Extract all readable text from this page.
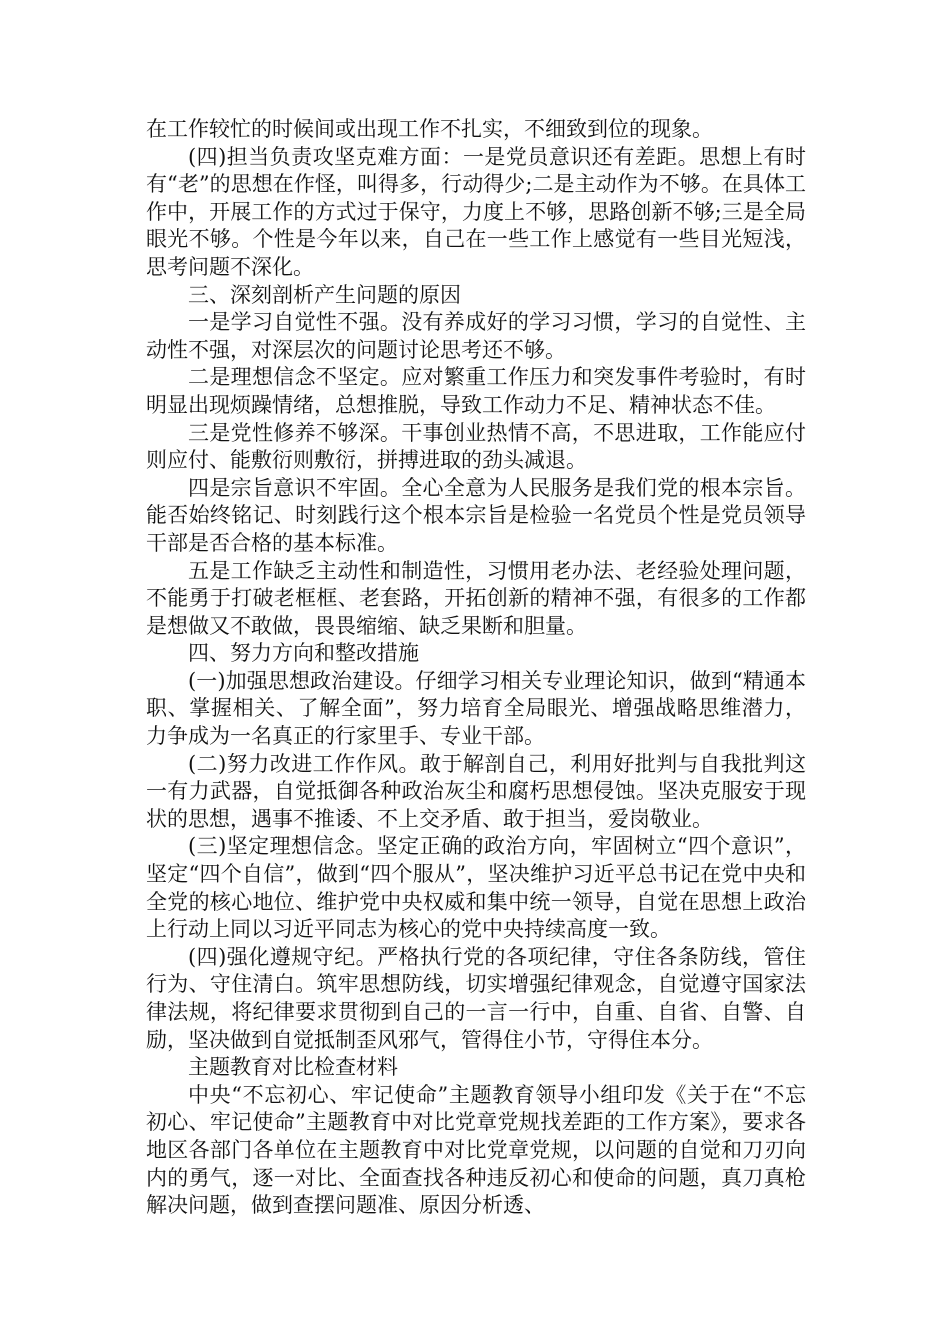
在工作较忙的时候间或出现工作不扎实，不细致到位的现象。

(四)担当负责攻坚克难方面：一是党员意识还有差距。思想上有时有“老”的思想在作怪，叫得多，行动得少;二是主动作为不够。在具体工作中，开展工作的方式过于保守，力度上不够，思路创新不够;三是全局眼光不够。个性是今年以来，自己在一些工作上感觉有一些目光短浅，思考问题不深化。

三、深刻剖析产生问题的原因

一是学习自觉性不强。没有养成好的学习习惯，学习的自觉性、主动性不强，对深层次的问题讨论思考还不够。

二是理想信念不坚定。应对繁重工作压力和突发事件考验时，有时明显出现烦躁情绪，总想推脱，导致工作动力不足、精神状态不佳。

三是党性修养不够深。干事创业热情不高，不思进取，工作能应付则应付、能敷衍则敷衍，拼搏进取的劲头减退。

四是宗旨意识不牢固。全心全意为人民服务是我们党的根本宗旨。能否始终铭记、时刻践行这个根本宗旨是检验一名党员个性是党员领导干部是否合格的基本标准。

五是工作缺乏主动性和制造性，习惯用老办法、老经验处理问题，不能勇于打破老框框、老套路，开拓创新的精神不强，有很多的工作都是想做又不敢做，畏畏缩缩、缺乏果断和胆量。

四、努力方向和整改措施

(一)加强思想政治建设。仔细学习相关专业理论知识，做到“精通本职、掌握相关、了解全面”，努力培育全局眼光、增强战略思维潜力，力争成为一名真正的行家里手、专业干部。

(二)努力改进工作作风。敢于解剖自己，利用好批判与自我批判这一有力武器，自觉抵御各种政治灰尘和腐朽思想侵蚀。坚决克服安于现状的思想，遇事不推诿、不上交矛盾、敢于担当，爱岗敬业。

(三)坚定理想信念。坚定正确的政治方向，牢固树立“四个意识”，坚定“四个自信”，做到“四个服从”，坚决维护习近平总书记在党中央和全党的核心地位、维护党中央权威和集中统一领导，自觉在思想上政治上行动上同以习近平同志为核心的党中央持续高度一致。

(四)强化遵规守纪。严格执行党的各项纪律，守住各条防线，管住行为、守住清白。筑牢思想防线，切实增强纪律观念，自觉遵守国家法律法规，将纪律要求贯彻到自己的一言一行中，自重、自省、自警、自励，坚决做到自觉抵制歪风邪气，管得住小节，守得住本分。

主题教育对比检查材料

中央“不忘初心、牢记使命”主题教育领导小组印发《关于在“不忘初心、牢记使命”主题教育中对比党章党规找差距的工作方案》，要求各地区各部门各单位在主题教育中对比党章党规，以问题的自觉和刀刃向内的勇气，逐一对比、全面查找各种违反初心和使命的问题，真刀真枪解决问题，做到查摆问题准、原因分析透、
